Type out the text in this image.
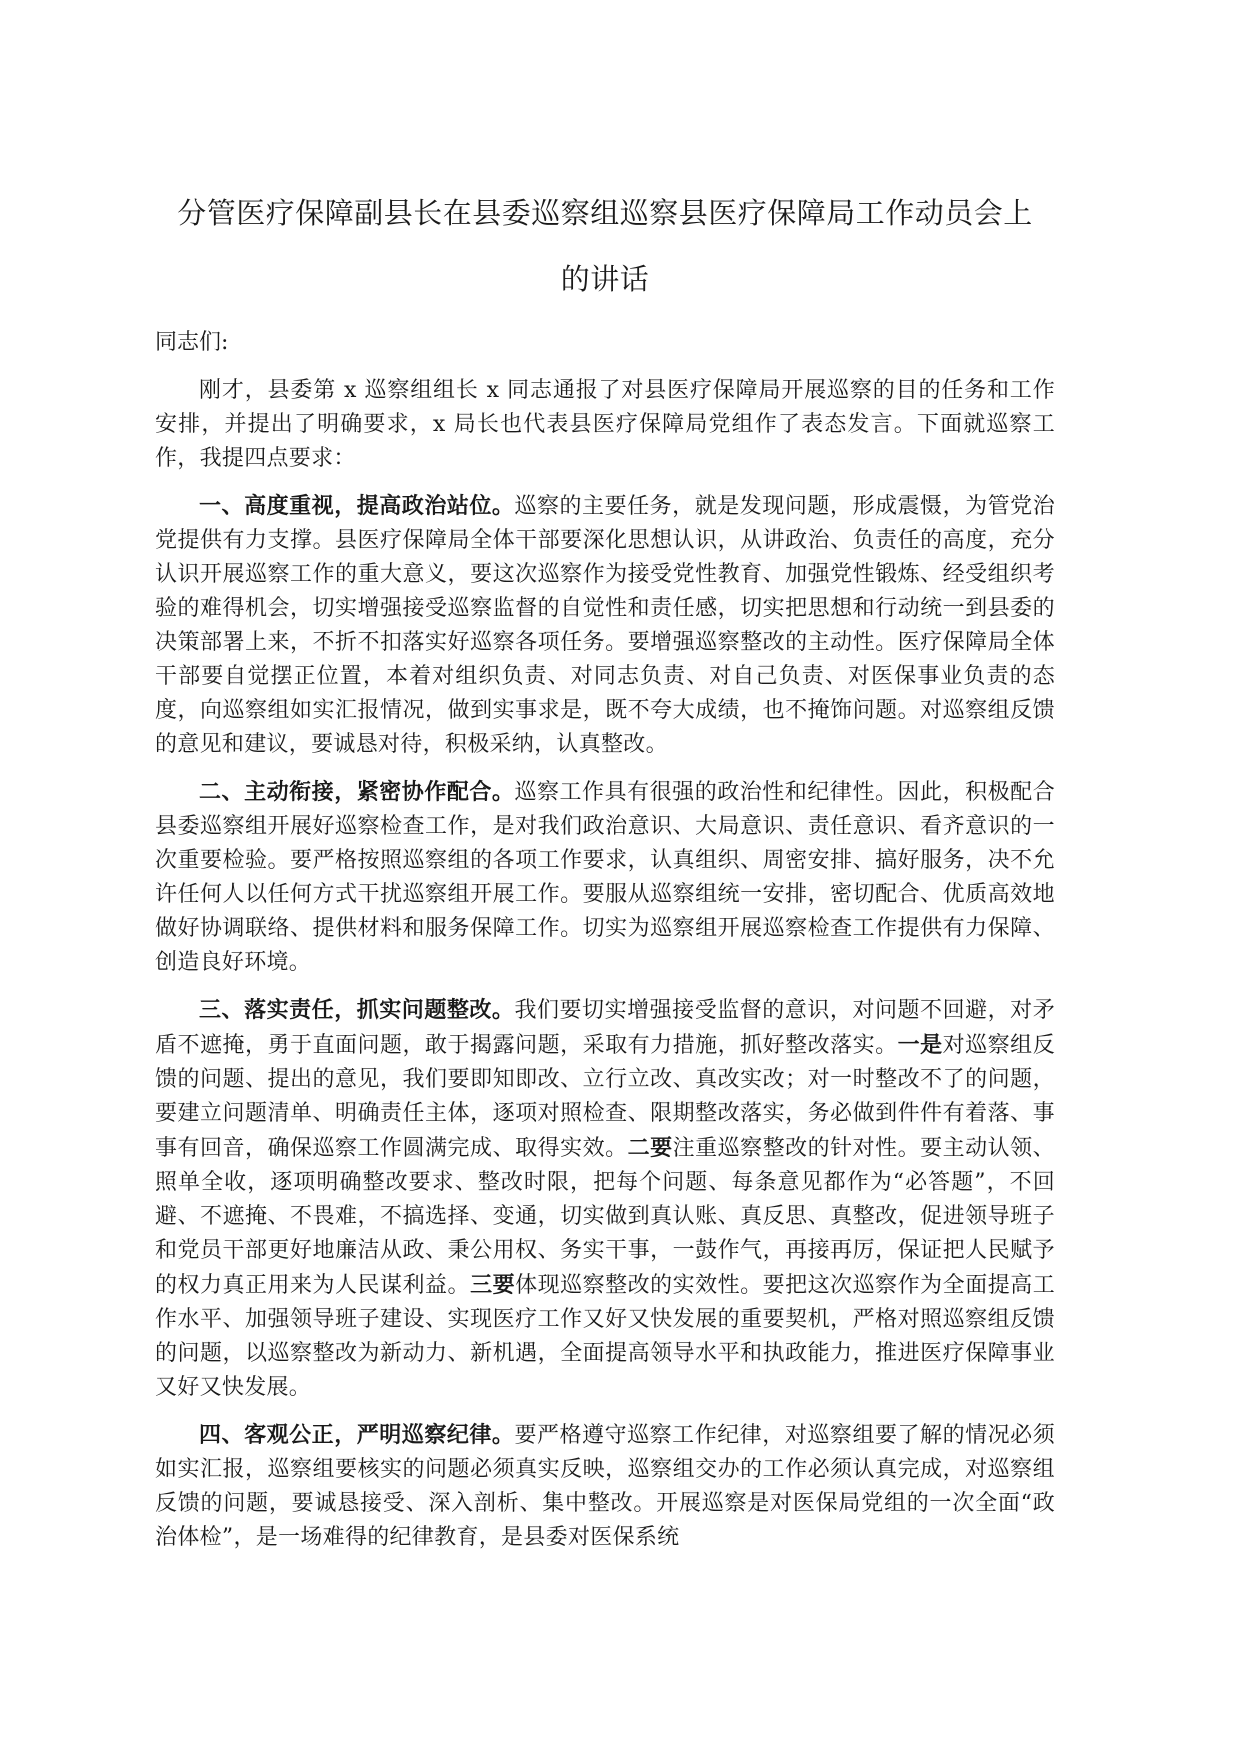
分管医疗保障副县长在县委巡察组巡察县医疗保障局工作动员会上
的讲话

同志们:

刚才，县委第 x 巡察组组长 x 同志通报了对县医疗保障局开展巡察的目的任务和工作安排，并提出了明确要求，x 局长也代表县医疗保障局党组作了表态发言。下面就巡察工作，我提四点要求：

一、高度重视，提高政治站位。巡察的主要任务，就是发现问题，形成震慑，为管党治党提供有力支撑。县医疗保障局全体干部要深化思想认识，从讲政治、负责任的高度，充分认识开展巡察工作的重大意义，要这次巡察作为接受党性教育、加强党性锻炼、经受组织考验的难得机会，切实增强接受巡察监督的自觉性和责任感，切实把思想和行动统一到县委的决策部署上来，不折不扣落实好巡察各项任务。要增强巡察整改的主动性。医疗保障局全体干部要自觉摆正位置，本着对组织负责、对同志负责、对自己负责、对医保事业负责的态度，向巡察组如实汇报情况，做到实事求是，既不夸大成绩，也不掩饰问题。对巡察组反馈的意见和建议，要诚恳对待，积极采纳，认真整改。

二、主动衔接，紧密协作配合。巡察工作具有很强的政治性和纪律性。因此，积极配合县委巡察组开展好巡察检查工作，是对我们政治意识、大局意识、责任意识、看齐意识的一次重要检验。要严格按照巡察组的各项工作要求，认真组织、周密安排、搞好服务，决不允许任何人以任何方式干扰巡察组开展工作。要服从巡察组统一安排，密切配合、优质高效地做好协调联络、提供材料和服务保障工作。切实为巡察组开展巡察检查工作提供有力保障、创造良好环境。

三、落实责任，抓实问题整改。我们要切实增强接受监督的意识，对问题不回避，对矛盾不遮掩，勇于直面问题，敢于揭露问题，采取有力措施，抓好整改落实。一是对巡察组反馈的问题、提出的意见，我们要即知即改、立行立改、真改实改；对一时整改不了的问题，要建立问题清单、明确责任主体，逐项对照检查、限期整改落实，务必做到件件有着落、事事有回音，确保巡察工作圆满完成、取得实效。二要注重巡察整改的针对性。要主动认领、照单全收，逐项明确整改要求、整改时限，把每个问题、每条意见都作为“必答题”，不回避、不遮掩、不畏难，不搞选择、变通，切实做到真认账、真反思、真整改，促进领导班子和党员干部更好地廉洁从政、秉公用权、务实干事，一鼓作气，再接再厉，保证把人民赋予的权力真正用来为人民谋利益。三要体现巡察整改的实效性。要把这次巡察作为全面提高工作水平、加强领导班子建设、实现医疗工作又好又快发展的重要契机，严格对照巡察组反馈的问题，以巡察整改为新动力、新机遇，全面提高领导水平和执政能力，推进医疗保障事业又好又快发展。

四、客观公正，严明巡察纪律。要严格遵守巡察工作纪律，对巡察组要了解的情况必须如实汇报，巡察组要核实的问题必须真实反映，巡察组交办的工作必须认真完成，对巡察组反馈的问题，要诚恳接受、深入剖析、集中整改。开展巡察是对医保局党组的一次全面“政治体检”，是一场难得的纪律教育，是县委对医保系统
